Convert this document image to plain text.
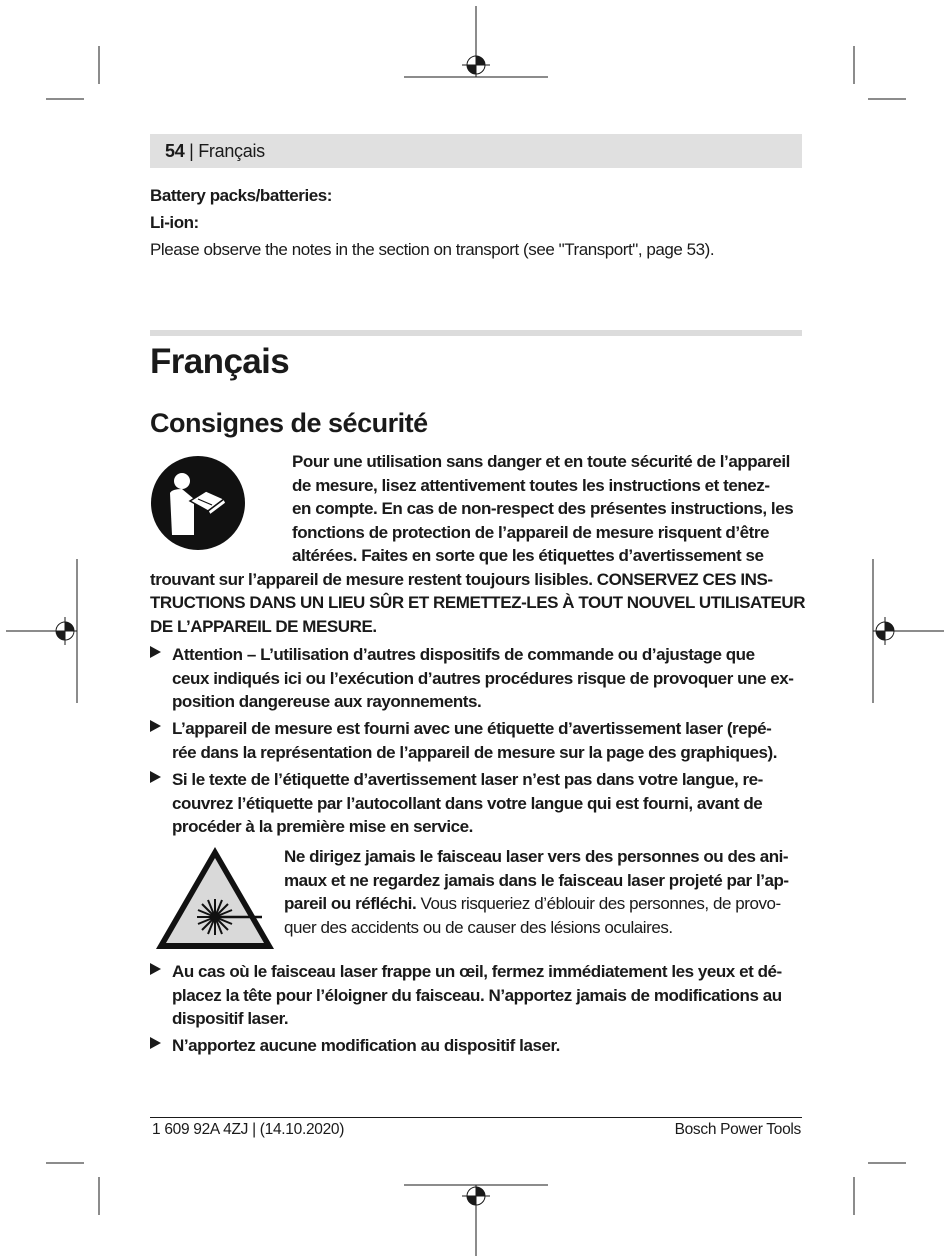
54 | Français
Battery packs/batteries:
Li-ion:
Please observe the notes in the section on transport (see "Transport", page 53).
Français
Consignes de sécurité
Pour une utilisation sans danger et en toute sécurité de l’appareil
de mesure, lisez attentivement toutes les instructions et tenez-
en compte. En cas de non-respect des présentes instructions, les
fonctions de protection de l’appareil de mesure risquent d’être
altérées. Faites en sorte que les étiquettes d’avertissement se
trouvant sur l’appareil de mesure restent toujours lisibles. CONSERVEZ CES INS-
TRUCTIONS DANS UN LIEU SÛR ET REMETTEZ-LES À TOUT NOUVEL UTILISATEUR
DE L’APPAREIL DE MESURE.
Attention – L’utilisation d’autres dispositifs de commande ou d’ajustage que
ceux indiqués ici ou l’exécution d’autres procédures risque de provoquer une ex-
position dangereuse aux rayonnements.
L’appareil de mesure est fourni avec une étiquette d’avertissement laser (repé-
rée dans la représentation de l’appareil de mesure sur la page des graphiques).
Si le texte de l’étiquette d’avertissement laser n’est pas dans votre langue, re-
couvrez l’étiquette par l’autocollant dans votre langue qui est fourni, avant de
procéder à la première mise en service.
Ne dirigez jamais le faisceau laser vers des personnes ou des ani-
maux et ne regardez jamais dans le faisceau laser projeté par l’ap-
pareil ou réfléchi. Vous risqueriez d’éblouir des personnes, de provo-
quer des accidents ou de causer des lésions oculaires.
Au cas où le faisceau laser frappe un œil, fermez immédiatement les yeux et dé-
placez la tête pour l’éloigner du faisceau. N’apportez jamais de modifications au
dispositif laser.
N’apportez aucune modification au dispositif laser.
1 609 92A 4ZJ | (14.10.2020)	Bosch Power Tools
